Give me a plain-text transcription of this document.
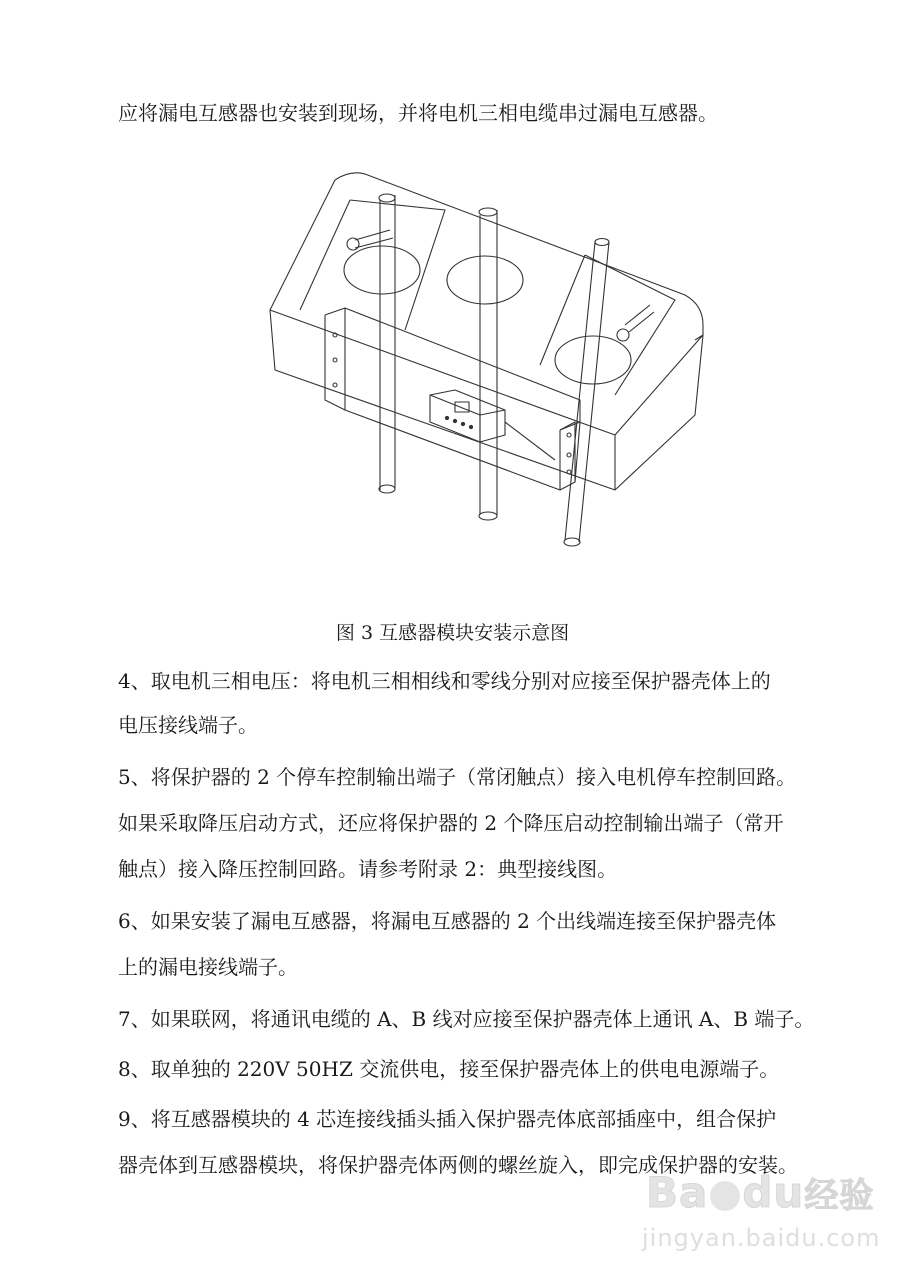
应将漏电互感器也安装到现场，并将电机三相电缆串过漏电互感器。
图 3 互感器模块安装示意图
4、取电机三相电压：将电机三相相线和零线分别对应接至保护器壳体上的
电压接线端子。
5、将保护器的 2 个停车控制输出端子（常闭触点）接入电机停车控制回路。
如果采取降压启动方式，还应将保护器的 2 个降压启动控制输出端子（常开
触点）接入降压控制回路。请参考附录 2：典型接线图。
6、如果安装了漏电互感器，将漏电互感器的 2 个出线端连接至保护器壳体
上的漏电接线端子。
7、如果联网，将通讯电缆的 A、B 线对应接至保护器壳体上通讯 A、B 端子。
8、取单独的 220V 50HZ 交流供电，接至保护器壳体上的供电电源端子。
9、将互感器模块的 4 芯连接线插头插入保护器壳体底部插座中，组合保护
器壳体到互感器模块，将保护器壳体两侧的螺丝旋入，即完成保护器的安装。
Ba du经验
jingyan.baidu.com
